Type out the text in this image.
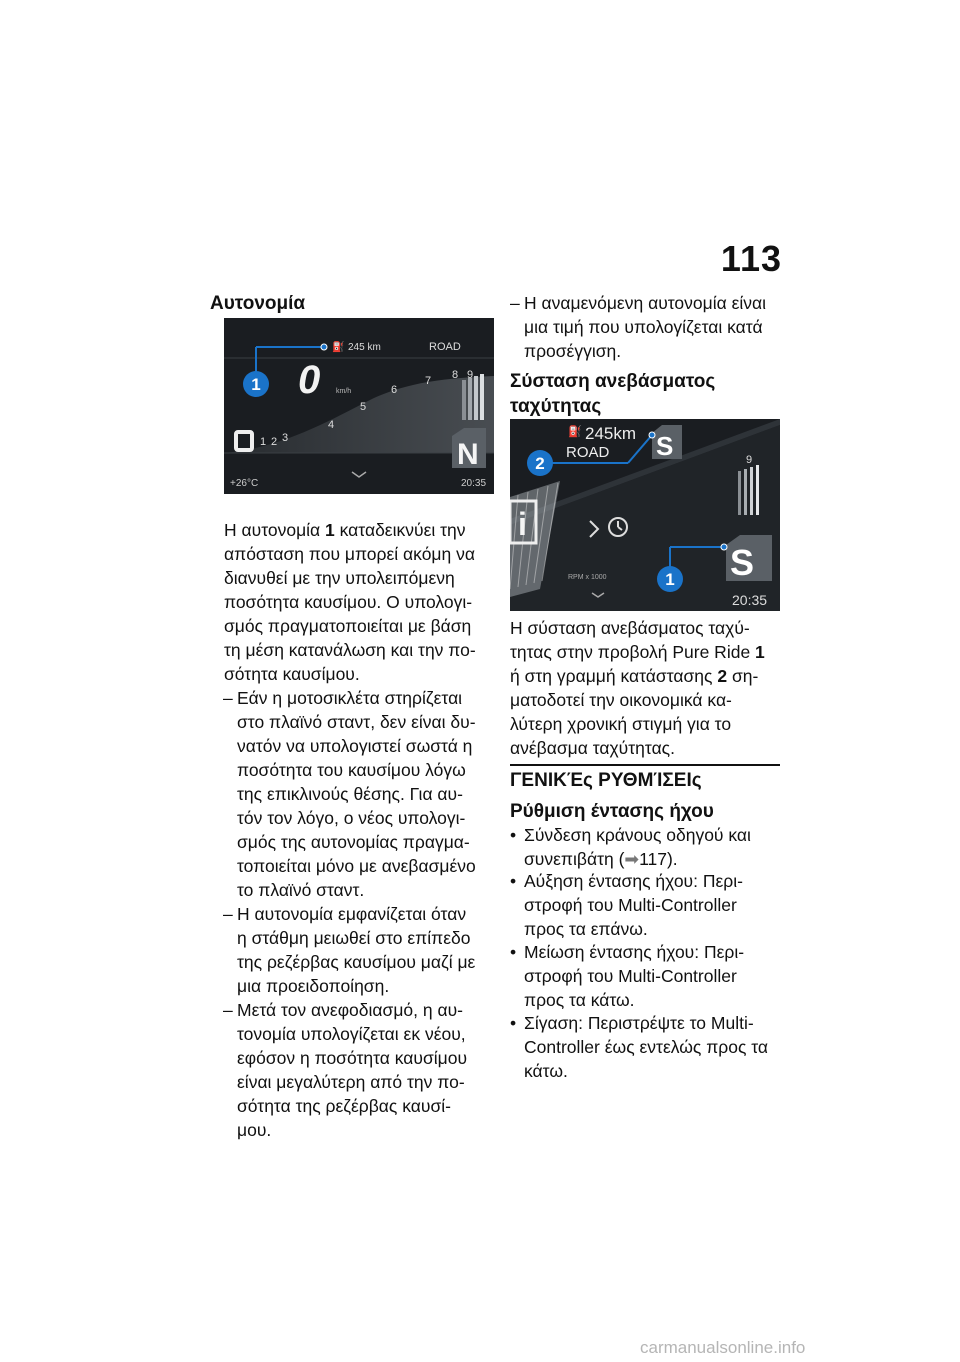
113
Αυτονομία
1
⛽ 245 km	ROAD
0 km/h
1 2 3
4
5
6
7 8 9
N
+26°C	20:35
Η αυτονομία 1 καταδεικνύει την
απόσταση που μπορεί ακόμη να
διανυθεί με την υπολειπόμενη
ποσότητα καυσίμου. Ο υπολογι-
σμός πραγματοποιείται με βάση
τη μέση κατανάλωση και την πο-
σότητα καυσίμου.
– Εάν η μοτοσικλέτα στηρίζεται
στο πλαϊνό σταντ, δεν είναι δυ-
νατόν να υπολογιστεί σωστά η
ποσότητα του καυσίμου λόγω
της επικλινούς θέσης. Για αυ-
τόν τον λόγο, ο νέος υπολογι-
σμός της αυτονομίας πραγμα-
τοποιείται μόνο με ανεβασμένο
το πλαϊνό σταντ.
– Η αυτονομία εμφανίζεται όταν
η στάθμη μειωθεί στο επίπεδο
της ρεζέρβας καυσίμου μαζί με
μια προειδοποίηση.
– Μετά τον ανεφοδιασμό, η αυ-
τονομία υπολογίζεται εκ νέου,
εφόσον η ποσότητα καυσίμου
είναι μεγαλύτερη από την πο-
σότητα της ρεζέρβας καυσί-
μου.
– Η αναμενόμενη αυτονομία είναι
μια τιμή που υπολογίζεται κατά
προσέγγιση.
Σύσταση ανεβάσματος
ταχύτητας
9
i
RPM x 1000
⛽ 245km
ROAD S
2
S
1
20:35
Η σύσταση ανεβάσματος ταχύ-
τητας στην προβολή Pure Ride 1
ή στη γραμμή κατάστασης 2 ση-
ματοδοτεί την οικονομικά κα-
λύτερη χρονική στιγμή για το
ανέβασμα ταχύτητας.
ΓΕΝΙΚΈς ΡΥΘΜΊΣΕΙς
Ρύθμιση έντασης ήχου
• Σύνδεση κράνους οδηγού και
συνεπιβάτη (➡117).
• Αύξηση έντασης ήχου: Περι-
στροφή του Multi-Controller
προς τα επάνω.
• Μείωση έντασης ήχου: Περι-
στροφή του Multi-Controller
προς τα κάτω.
• Σίγαση: Περιστρέψτε το Multi-
Controller έως εντελώς προς τα
κάτω.
carmanualsonline.info
